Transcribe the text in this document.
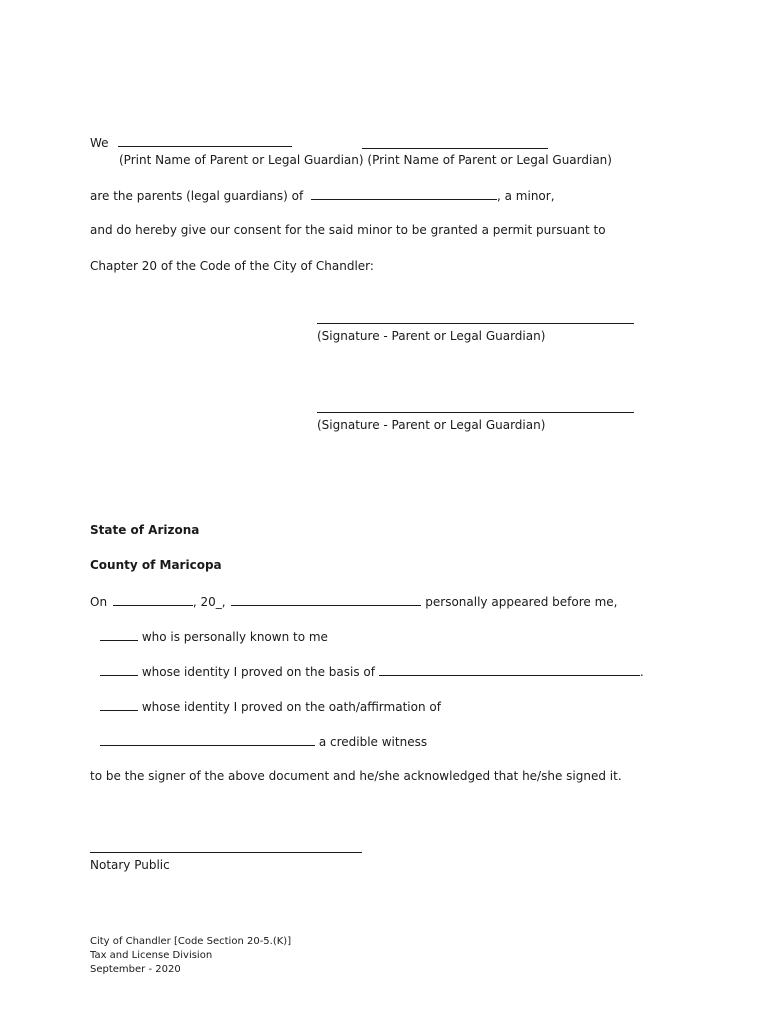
We
(Print Name of Parent or Legal Guardian) (Print Name of Parent or Legal Guardian)
are the parents (legal guardians) of	, a minor,
and do hereby give our consent for the said minor to be granted a permit pursuant to
Chapter 20 of the Code of the City of Chandler:
(Signature - Parent or Legal Guardian)
(Signature - Parent or Legal Guardian)
State of Arizona
County of Maricopa
On	, 20_,	personally appeared before me,
who is personally known to me
whose identity I proved on the basis of	.
whose identity I proved on the oath/affirmation of
a credible witness
to be the signer of the above document and he/she acknowledged that he/she signed it.
Notary Public
City of Chandler [Code Section 20-5.(K)]
Tax and License Division
September - 2020
